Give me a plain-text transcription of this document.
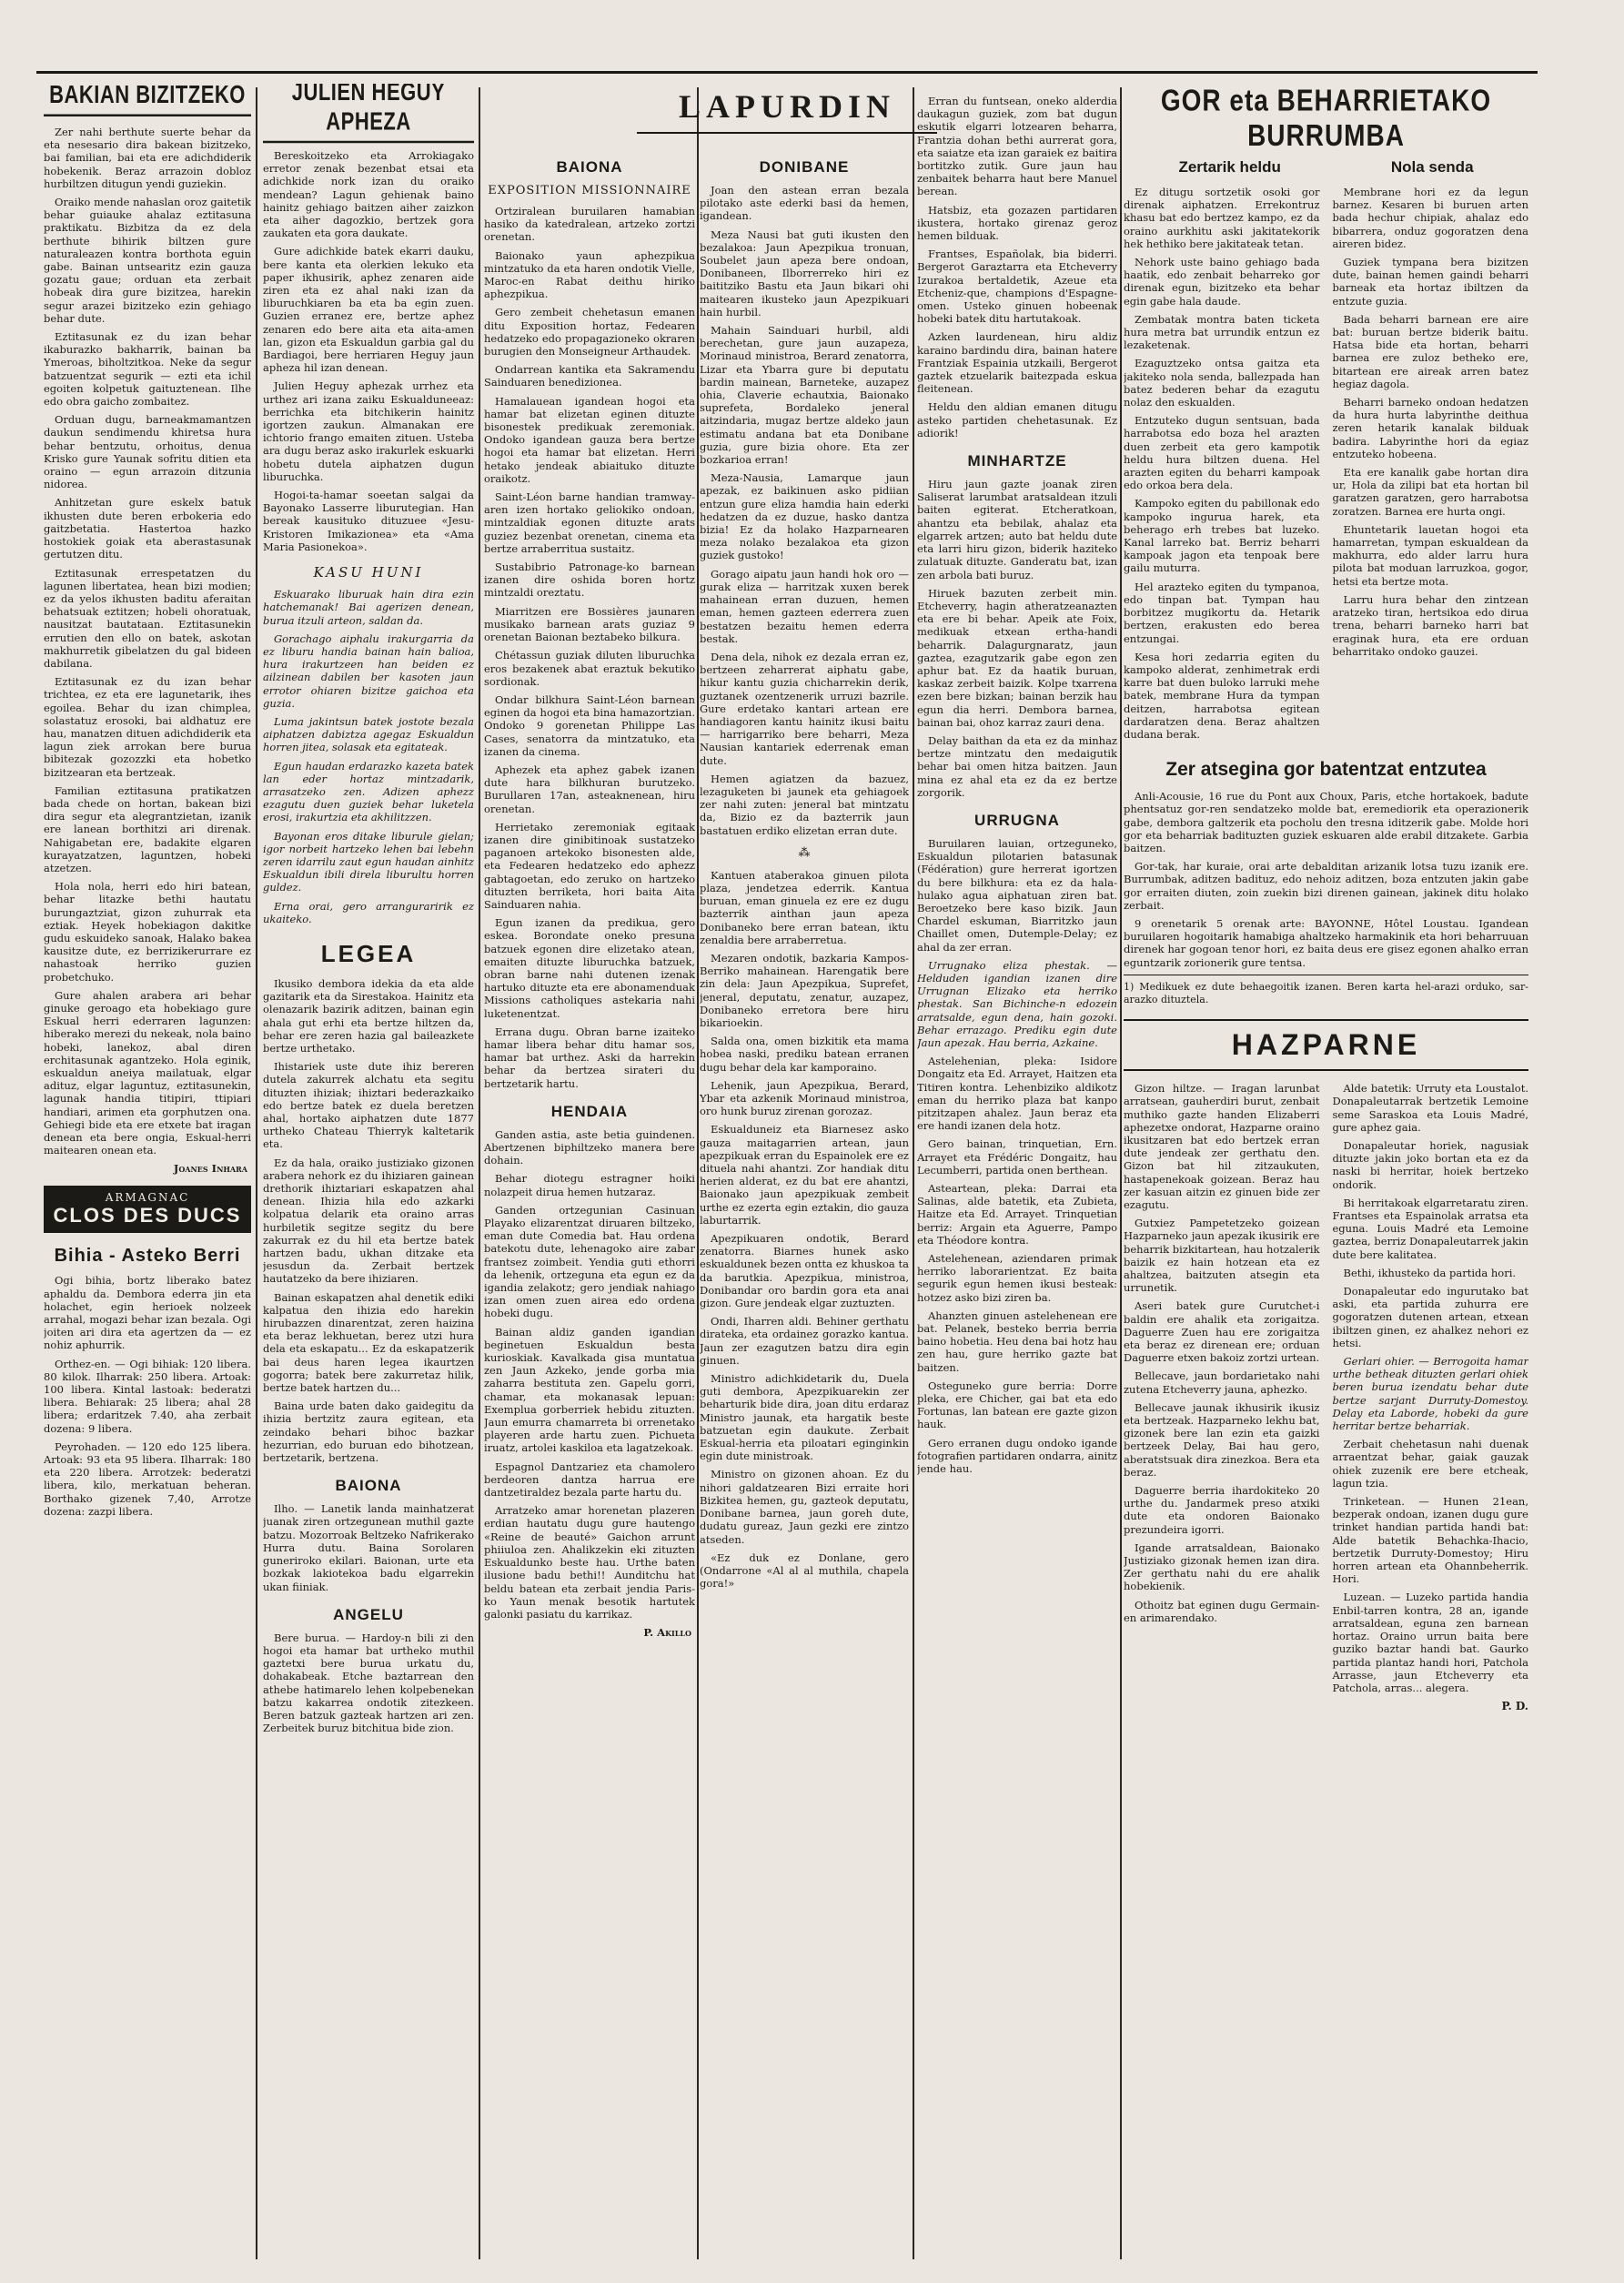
LAPURDIN
BAKIAN BIZITZEKO

Zer nahi berthute suerte behar da eta nesesario dira bakean bizitzeko, bai familian, bai eta ere adichdiderik hobekenik. Beraz arrazoin dobloz hurbiltzen ditugun yendi guziekin.

Oraiko mende nahaslan oroz gaitetik behar guiauke ahalaz eztitasuna praktikatu. Bizbitza da ez dela berthute bihirik biltzen gure naturaleazen kontra borthota eguin gabe. Bainan untsearitz ezin gauza gozatu gaue; orduan eta zerbait hobeak dira gure bizitzea, harekin segur arazei bizitzeko ezin gehiago behar dute.

Eztitasunak ez du izan behar ikaburazko bakharrik, bainan ba Ymeroas, biholtzitkoa. Neke da segur batzuentzat segurik — ezti eta ichil egoiten kolpetuk gaituztenean. Ilhe edo obra gaicho zombaitez.

Orduan dugu, barneakmamantzen daukun sendimendu khiretsa hura behar bentzutu, orhoitus, denua Krisko gure Yaunak sofritu ditien eta oraino — egun arrazoin ditzunia nidorea.

Anhitzetan gure eskelx batuk ikhusten dute beren erbokeria edo gaitzbetatia. Hastertoa hazko hostokiek goiak eta aberastasunak gertutzen ditu.

Eztitasunak errespetatzen du lagunen libertatea, hean bizi modien; ez da yelos ikhusten baditu aferaitan behatsuak eztitzen; hobeli ohoratuak, nausitzat bautataan. Eztitasunekin errutien den ello on batek, askotan makhurretik gibelatzen du gal bideen dabilana.

Eztitasunak ez du izan behar trichtea, ez eta ere lagunetarik, ihes egoilea. Behar du izan chimplea, solastatuz erosoki, bai aldhatuz ere hau, manatzen dituen adichdiderik eta lagun ziek arrokan bere burua bibitezak gozozzki eta hobetko bizitzearan eta bertzeak.

Familian eztitasuna pratikatzen bada chede on hortan, bakean bizi dira segur eta alegrantzietan, izanik ere lanean borthitzi ari direnak. Nahigabetan ere, badakite elgaren kurayatzatzen, laguntzen, hobeki atzetzen.

Hola nola, herri edo hiri batean, behar litazke bethi hautatu burungaztziat, gizon zuhurrak eta eztiak. Heyek hobekiagon dakitke gudu eskuideko sanoak, Halako bakea kausitze dute, ez berrizikerurrare ez nahastoak herriko guzien probetchuko.

Gure ahalen arabera ari behar ginuke geroago eta hobekiago gure Eskual herri ederraren lagunzen: hiberako merezi du nekeak, nola baino hobeki, lanekoz, abal diren erchitasunak agantzeko. Hola eginik, eskualdun aneiya mailatuak, elgar adituz, elgar laguntuz, eztitasunekin, lagunak handia titipiri, ttipiari handiari, arimen eta gorphutzen ona. Gehiegi bide eta ere etxete bat iragan denean eta bere ongia, Eskual-herri maitearen onean eta.

Joanes Inhara
ARMAGNAC
CLOS DES DUCS
Bihia - Asteko Berri

Ogi bihia, bortz liberako batez aphaldu da. Dembora ederra jin eta holachet, egin herioek nolzeek arrahal, mogazi behar izan bezala. Ogi joiten ari dira eta agertzen da — ez nohiz aphurrik.

Orthez-en. — Ogi bihiak: 120 libera. 80 kilok. Ilharrak: 250 libera. Artoak: 100 libera. Kintal lastoak: bederatzi libera. Behiarak: 25 libera; ahal 28 libera; erdaritzek 7.40, aha zerbait dozena: 9 libera.

Peyrohaden. — 120 edo 125 libera. Artoak: 93 eta 95 libera. Ilharrak: 180 eta 220 libera. Arrotzek: bederatzi libera, kilo, merkatuan beheran. Borthako gizenek 7,40, Arrotze dozena: zazpi libera.

JULIEN HEGUY APHEZA

Bereskoitzeko eta Arrokiagako erretor zenak bezenbat etsai eta adichkide nork izan du oraiko mendean? Lagun gehienak baino hainitz gehiago baitzen aiher zaizkon eta aiher dagozkio, bertzek gora zaukaten eta gora daukate.

Gure adichkide batek ekarri dauku, bere kanta eta olerkien lekuko eta paper ikhusirik, aphez zenaren aide ziren eta ez ahal naki izan da liburuchkiaren ba eta ba egin zuen. Guzien erranez ere, bertze aphez zenaren edo bere aita eta aita-amen lan, gizon eta Eskualdun garbia gal du Bardiagoi, bere herriaren Heguy jaun apheza hil izan denean.

Julien Heguy aphezak urrhez eta urthez ari izana zaiku Eskualduneeaz: berrichka eta bitchikerin hainitz igortzen zaukun. Almanakan ere ichtorio frango emaiten zituen. Usteba ara dugu beraz asko irakurlek eskuarki hobetu dutela aiphatzen dugun liburuchka.

Hogoi-ta-hamar soeetan salgai da Bayonako Lasserre liburutegian. Han bereak kausituko dituzuee «Jesu-Kristoren Imikazionea» eta «Ama Maria Pasionekoa».

KASU HUNI

Eskuarako liburuak hain dira ezin hatchemanak! Bai agerizen denean, burua itzuli arteon, saldan da.

Gorachago aiphalu irakurgarria da ez liburu handia bainan hain balioa, hura irakurtzeen han beiden ez ailzinean dabilen ber kasoten jaun errotor ohiaren bizitze gaichoa eta guzia.

Luma jakintsun batek jostote bezala aiphatzen dabiztza agegaz Eskualdun horren jitea, solasak eta egitateak.

Egun haudan erdarazko kazeta batek lan eder hortaz mintzadarik, arrasatzeko zen. Adizen aphezz ezagutu duen guziek behar luketela erosi, irakurtzia eta akhilitzzen.

Bayonan eros ditake liburule gielan; igor norbeit hartzeko lehen bai lebehn zeren idarrilu zaut egun haudan ainhitz Eskualdun ibili direla liburultu horren guldez.

Erna orai, gero arranguraririk ez ukaiteko.

LEGEA

Ikusiko dembora idekia da eta alde gazitarik eta da Sirestakoa. Hainitz eta olenazarik bazirik aditzen, bainan egin ahala gut erhi eta bertze hiltzen da, behar ere zeren hazia gal baileazkete bertze urthetako.

Ihistariek uste dute ihiz bereren dutela zakurrek alchatu eta segitu dituzten ihiziak; ihiztari bederazkaiko edo bertze batek ez duela beretzen ahal, hortako aiphatzen dute 1877 urtheko Chateau Thierryk kaltetarik eta.

Ez da hala, oraiko justiziako gizonen arabera nehork ez du ihiziaren gainean drethorik ihiztariari eskapatzen ahal denean. Ihizia hila edo azkarki kolpatua delarik eta oraino arras hurbiletik segitze segitz du bere zakurrak ez du hil eta bertze batek hartzen badu, ukhan ditzake eta jesusdun da. Zerbait bertzek hautatzeko da bere ihiziaren.

Bainan eskapatzen ahal denetik ediki kalpatua den ihizia edo harekin hirubazzen dinarentzat, zeren haizina eta beraz lekhuetan, berez utzi hura dela eta eskapatu... Ez da eskapatzerik bai deus haren legea ikaurtzen gogorra; batek bere zakurretaz hilik, bertze batek hartzen du...

Baina urde baten dako gaidegitu da ihizia bertzitz zaura egitean, eta zeindako behari bihoc bazkar hezurrian, edo buruan edo bihotzean, bertzetarik, bertzena.

BAIONA

Ilho. — Lanetik landa mainhatzerat juanak ziren ortzegunean muthil gazte batzu. Mozorroak Beltzeko Nafrikerako Hurra dutu. Baina Sorolaren guneriroko ekilari. Baionan, urte eta bozkak lakiotekoa badu elgarrekin ukan fiiniak.

ANGELU

Bere burua. — Hardoy-n bili zi den hogoi eta hamar bat urtheko muthil gaztetxi bere burua urkatu du, dohakabeak. Etche baztarrean den athebe hatimarelo lehen kolpebenekan batzu kakarrea ondotik zitezkeen. Beren batzuk gazteak hartzen ari zen. Zerbeitek buruz bitchitua bide zion.

BAIONA
EXPOSITION MISSIONNAIRE

Ortziralean buruilaren hamabian hasiko da katedralean, artzeko zortzi orenetan.

Baionako yaun aphezpikua mintzatuko da eta haren ondotik Vielle, Maroc-en Rabat deithu hiriko aphezpikua.

Gero zembeit chehetasun emanen ditu Exposition hortaz, Fedearen hedatzeko edo propagazioneko okraren burugien den Monseigneur Arthaudek.

Ondarrean kantika eta Sakramendu Sainduaren benedizionea.

Hamalauean igandean hogoi eta hamar bat elizetan eginen dituzte bisonestek predikuak zeremoniak. Ondoko igandean gauza bera bertze hogoi eta hamar bat elizetan. Herri hetako jendeak abiaituko dituzte oraikotz.

Saint-Léon barne handian tramway-aren izen hortako geliokiko ondoan, mintzaldiak egonen dituzte arats guziez bezenbat orenetan, cinema eta bertze arraberritua sustaitz.

Sustabibrio Patronage-ko barnean izanen dire oshida boren hortz mintzaldi oreztatu.

Miarritzen ere Bossières jaunaren musikako barnean arats guziaz 9 orenetan Baionan beztabeko bilkura.

Chétassun guziak diluten liburuchka eros bezakenek abat eraztuk bekutiko sordionak.

Ondar bilkhura Saint-Léon barnean eginen da hogoi eta bina hamazortzian. Ondoko 9 gorenetan Philippe Las Cases, senatorra da mintzatuko, eta izanen da cinema.

Aphezek eta aphez gabek izanen dute hara bilkhuran burutzeko. Burullaren 17an, asteaknenean, hiru orenetan.

Herrietako zeremoniak egitaak izanen dire ginibitinoak sustatzeko paganoen artekoko bisonesten alde, eta Fedearen hedatzeko edo aphezz gabtagoetan, edo zeruko on hartzeko dituzten berriketa, hori baita Aita Sainduaren nahia.

Egun izanen da predikua, gero eskea. Borondate oneko presuna batzuek egonen dire elizetako atean, emaiten dituzte liburuchka batzuek, obran barne nahi dutenen izenak hartuko dituzte eta ere abonamenduak Missions catholiques astekaria nahi luketenentzat.

Errana dugu. Obran barne izaiteko hamar libera behar ditu hamar sos, hamar bat urthez. Aski da harrekin behar da bertzea sirateri du bertzetarik hartu.

HENDAIA

Ganden astia, aste betia guindenen. Abertzenen biphiltzeko manera bere dohain.

Behar diotegu estragner hoiki nolazpeit dirua hemen hutzaraz.

Ganden ortzegunian Casinuan Playako elizarentzat diruaren biltzeko, eman dute Comedia bat. Hau ordena batekotu dute, lehenagoko aire zabar frantsez zoimbeit. Yendia guti ethorri da lehenik, ortzeguna eta egun ez da igandia zelakotz; gero jendiak nahiago izan omen zuen airea edo ordena hobeki dugu.

Bainan aldiz ganden igandian beginetuen Eskualdun besta kurioskiak. Kavalkada gisa muntatua zen Jaun Azkeko, jende gorba mia zaharra bestituta zen. Gapelu gorri, chamar, eta mokanasak lepuan: Exemplua gorberriek hebidu zituzten. Jaun emurra chamarreta bi orrenetako playeren arde hartu zuen. Pichueta iruatz, artolei kaskiloa eta lagatzekoak.

Espagnol Dantzariez eta chamolero berdeoren dantza harrua ere dantzetiraldez bezala parte hartu du.

Arratzeko amar horenetan plazeren erdian hautatu dugu gure hautengo «Reine de beauté» Gaichon arrunt phiiuloa zen. Ahalikzekin eki zituzten Eskualdunko beste hau. Urthe baten ilusione badu bethi!! Aunditchu hat beldu batean eta zerbait jendia Paris-ko Yaun menak besotik hartutek galonki pasiatu du karrikaz.

P. Akillo
DONIBANE

Joan den astean erran bezala pilotako aste ederki basi da hemen, igandean.

Meza Nausi bat guti ikusten den bezalakoa: Jaun Apezpikua tronuan, Soubelet jaun apeza bere ondoan, Donibaneen, Ilborrerreko hiri ez baititziko Bastu eta Jaun bikari ohi maitearen ikusteko jaun Apezpikuari hain hurbil.

Mahain Sainduari hurbil, aldi berechetan, gure jaun auzapeza, Morinaud ministroa, Berard zenatorra, Lizar eta Ybarra gure bi deputatu bardin mainean, Barneteke, auzapez ohia, Claverie echautxia, Baionako suprefeta, Bordaleko jeneral aitzindaria, mugaz bertze aldeko jaun estimatu andana bat eta Donibane guzia, gure bizia ohore. Eta zer bozkarioa erran!

Meza-Nausia, Lamarque jaun apezak, ez baikinuen asko pidiian entzun gure eliza hamdia hain ederki hedatzen da ez duzue, hasko dantza bizia! Ez da holako Hazparnearen meza nolako bezalakoa eta gizon guziek gustoko!

Gorago aipatu jaun handi hok oro — gurak eliza — harritzak xuxen berek mahainean erran duzuen, hemen eman, hemen gazteen ederrera zuen bestatzen bezaitu hemen ederra bestak.

Dena dela, nihok ez dezala erran ez, bertzeen zeharrerat aiphatu gabe, hikur kantu guzia chicharrekin derik, guztanek ozentzenerik urruzi bazrile. Gure erdetako kantari artean ere handiagoren kantu hainitz ikusi baitu — harrigarriko bere beharri, Meza Nausian kantariek ederrenak eman dute.

Hemen agiatzen da bazuez, lezaguketen bi jaunek eta gehiagoek zer nahi zuten: jeneral bat mintzatu da, Bizio ez da bazterrik jaun bastatuen erdiko elizetan erran dute.

⁂

Kantuen ataberakoa ginuen pilota plaza, jendetzea ederrik. Kantua buruan, eman ginuela ez ere ez dugu bazterrik ainthan jaun apeza Donibaneko bere erran batean, iktu zenaldia bere arraberretua.

Mezaren ondotik, bazkaria Kampos-Berriko mahainean. Harengatik bere zin dela: Jaun Apezpikua, Suprefet, jeneral, deputatu, zenatur, auzapez, Donibaneko erretora bere hiru bikarioekin.

Salda ona, omen bizkitik eta mama hobea naski, prediku batean erranen dugu behar dela kar kamporaino.

Lehenik, jaun Apezpikua, Berard, Ybar eta azkenik Morinaud ministroa, oro hunk buruz zirenan gorozaz.

Eskualduneiz eta Biarnesez asko gauza maitagarrien artean, jaun apezpikuak erran du Espainolek ere ez dituela nahi ahantzi. Zor handiak ditu herien alderat, ez du bat ere ahantzi, Baionako jaun apezpikuak zembeit urthe ez ezerta egin eztakin, dio gauza laburtarrik.

Apezpikuaren ondotik, Berard zenatorra. Biarnes hunek asko eskualdunek bezen ontta ez khuskoa ta da barutkia. Apezpikua, ministroa, Donibandar oro bardin gora eta anai gizon. Gure jendeak elgar zuztuzten.

Ondi, Iharren aldi. Behiner gerthatu dirateka, eta ordainez gorazko kantua. Jaun zer ezagutzen batzu dira egin ginuen.

Ministro adichkidetarik du, Duela guti dembora, Apezpikuarekin zer beharturik bide dira, joan ditu erdaraz Ministro jaunak, eta hargatik beste batzuetan egin daukute. Zerbait Eskual-herria eta piloatari eginginkin egin dute ministroak.

Ministro on gizonen ahoan. Ez du nihori galdatzearen Bizi erraite hori Bizkitea hemen, gu, gazteok deputatu, Donibane barnea, jaun goreh dute, dudatu gureaz, Jaun gezki ere zintzo atseden.

«Ez duk ez Donlane, gero (Ondarrone «Al al al muthila, chapela gora!»

Erran du funtsean, oneko alderdia daukagun guziek, zom bat dugun eskutik elgarri lotzearen beharra, Frantzia dohan bethi aurrerat gora, eta saiatze eta izan garaiek ez baitira bortitzko zutik. Gure jaun hau zenbaitek beharra haut bere Manuel berean.

Hatsbiz, eta gozazen partidaren ikustera, hortako girenaz geroz hemen bilduak.

Frantses, Españolak, bia biderri. Bergerot Garaztarra eta Etcheverry Izurakoa bertaldetik, Azeue eta Etcheniz-que, champions d'Espagne-omen. Usteko ginuen hobeenak hobeki batek ditu hartutakoak.

Azken laurdenean, hiru aldiz karaino bardindu dira, bainan hatere Frantziak Espainia utzkaili, Bergerot gaztek etzuelarik baitezpada eskua fleitenean.

Heldu den aldian emanen ditugu asteko partiden chehetasunak. Ez adiorik!

MINHARTZE

Hiru jaun gazte joanak ziren Saliserat larumbat aratsaldean itzuli baiten egiterat. Etcheratkoan, ahantzu eta bebilak, ahalaz eta elgarrek artzen; auto bat heldu dute eta larri hiru gizon, biderik haziteko zulatuak dituzte. Ganderatu bat, izan zen arbola bati buruz.

Hiruek bazuten zerbeit min. Etcheverry, hagin atheratzeanazten eta ere bi behar. Apeik ate Foix, medikuak etxean ertha-handi beharrik. Dalagurgnaratz, jaun gaztea, ezagutzarik gabe egon zen aphur bat. Ez da haatik buruan, kaskaz zerbeit baizik. Kolpe txarrena ezen bere bizkan; bainan berzik hau egun dia herri. Dembora barnea, bainan bai, ohoz karraz zauri dena.

Delay baithan da eta ez da minhaz bertze mintzatu den medaigutik behar bai omen hitza baitzen. Jaun mina ez ahal eta ez da ez bertze zorgorik.

URRUGNA

Buruilaren lauian, ortzeguneko, Eskualdun pilotarien batasunak (Fédération) gure herrerat igortzen du bere bilkhura: eta ez da hala-hulako agua aiphatuan ziren bat. Beroetzeko bere kaso bizik. Jaun Chardel eskuman, Biarritzko jaun Chaillet omen, Dutemple-Delay; ez ahal da zer erran.

Urrugnako eliza phestak. — Helduden igandian izanen dire Urrugnan Elizako eta herriko phestak. San Bichinche-n edozein arratsalde, egun dena, hain gozoki. Behar errazago. Prediku egin dute Jaun apezak. Hau berria, Azkaine.

Astelehenian, pleka: Isidore Dongaitz eta Ed. Arrayet, Haitzen eta Titiren kontra. Lehenbiziko aldikotz eman du herriko plaza bat kanpo pitzitzapen ahalez. Jaun beraz eta ere handi izanen dela hotz.

Gero bainan, trinquetian, Ern. Arrayet eta Frédéric Dongaitz, hau Lecumberri, partida onen berthean.

Asteartean, pleka: Darrai eta Salinas, alde batetik, eta Zubieta, Haitze eta Ed. Arrayet. Trinquetian berriz: Argain eta Aguerre, Pampo eta Théodore kontra.

Astelehenean, aziendaren primak herriko laborarientzat. Ez baita segurik egun hemen ikusi besteak: hotzez asko bizi ziren ba.

Ahanzten ginuen astelehenean ere bat. Pelanek, besteko berria berria baino hobetia. Heu dena bai hotz hau zen hau, gure herriko gazte bat baitzen.

Osteguneko gure berria: Dorre pleka, ere Chicher, gai bat eta edo Fortunas, lan batean ere gazte gizon hauk.

Gero erranen dugu ondoko igande fotografien partidaren ondarra, ainitz jende hau.

GOR eta BEHARRIETAKO BURRUMBA
Zertarik heldu	Nola senda

Ez ditugu sortzetik osoki gor direnak aiphatzen. Errekontruz khasu bat edo bertzez kampo, ez da oraino aurkhitu aski jakitatekorik hek hethiko bere jakitateak tetan.

Nehork uste baino gehiago bada haatik, edo zenbait beharreko gor direnak egun, bizitzeko eta behar egin gabe hala daude.

Zembatak montra baten ticketa hura metra bat urrundik entzun ez lezaketenak.

Ezaguztzeko ontsa gaitza eta jakiteko nola senda, ballezpada han batez bederen behar da ezagutu nolaz den eskualden.

Entzuteko dugun sentsuan, bada harrabotsa edo boza hel arazten duen zerbeit eta gero kampotik heldu hura biltzen duena. Hel arazten egiten du beharri kampoak edo orkoa bera dela.

Kampoko egiten du pabillonak edo kampoko ingurua harek, eta beherago erh trebes bat luzeko. Kanal larreko bat. Berriz beharri kampoak jagon eta tenpoak bere gailu muturra.

Hel arazteko egiten du tympanoa, edo tinpan bat. Tympan hau borbitzez mugikortu da. Hetarik bertzen, erakusten edo berea entzungai.

Kesa hori zedarria egiten du kampoko alderat, zenhimetrak erdi karre bat duen buloko larruki mehe batek, membrane Hura da tympan deitzen, harrabotsa egitean dardaratzen dena. Beraz ahaltzen dudana berak.

Membrane hori ez da legun barnez. Kesaren bi buruen arten bada hechur chipiak, ahalaz edo bibarrera, onduz gogoratzen dena aireren bidez.

Guziek tympana bera bizitzen dute, bainan hemen gaindi beharri barneak eta hortaz ibiltzen da entzute guzia.

Bada beharri barnean ere aire bat: buruan bertze biderik baitu. Hatsa bide eta hortan, beharri barnea ere zuloz betheko ere, bitartean ere aireak arren batez hegiaz dagola.

Beharri barneko ondoan hedatzen da hura hurta labyrinthe deithua zeren hetarik kanalak bilduak badira. Labyrinthe hori da egiaz entzuteko hobeena.

Eta ere kanalik gabe hortan dira ur, Hola da zilipi bat eta hortan bil garatzen garatzen, gero harrabotsa zoratzen. Barnea ere hurta ongi.

Ehuntetarik lauetan hogoi eta hamarretan, tympan eskualdean da makhurra, edo alder larru hura pilota bat moduan larruzkoa, gogor, hetsi eta bertze mota.

Larru hura behar den zintzean aratzeko tiran, hertsikoa edo dirua trena, beharri barneko harri bat eraginak hura, eta ere orduan beharritako ondoko gauzei.

Zer atsegina gor batentzat entzutea

Anli-Acousie, 16 rue du Pont aux Choux, Paris, etche hortakoek, badute phentsatuz gor-ren sendatzeko molde bat, eremediorik eta operazionerik gabe, dembora galtzerik eta pocholu den tresna iditzerik gabe. Molde hori gor eta beharriak badituzten guziek eskuaren alde erabil ditzakete. Garbia baitzen.

Gor-tak, har kuraie, orai arte debalditan arizanik lotsa tuzu izanik ere. Burrumbak, aditzen badituz, edo nehoiz aditzen, boza entzuten jakin gabe gor erraiten diuten, zoin zuekin bizi direnen gainean, jakinek ditu holako zerbait.

9 orenetarik 5 orenak arte: BAYONNE, Hôtel Loustau. Igandean buruilaren hogoitarik hamabiga ahaltzeko harmakinik eta hori beharruuan direnek har gogoan tenor hori, ez baita deus ere gisez egonen ahalko erran eguntzarik zorionerik gure tentsa.

1) Medikuek ez dute behaegoitik izanen. Beren karta hel-arazi orduko, sar-arazko dituztela.

HAZPARNE

Gizon hiltze. — Iragan larunbat arratsean, gauherdiri burut, zenbait muthiko gazte handen Elizaberri aphezetxe ondorat, Hazparne oraino ikusitzaren bat edo bertzek erran dute jendeak zer gerthatu den. Gizon bat hil zitzaukuten, hastapenekoak goizean. Beraz hau zer kasuan aitzin ez ginuen bide zer ezagutu.

Gutxiez Pampetetzeko goizean Hazparneko jaun apezak ikusirik ere beharrik bizkitartean, hau hotzalerik baizik ez hain hotzean eta ez ahaltzea, baitzuten atsegin eta urrunetik.

Aseri batek gure Curutchet-i baldin ere ahalik eta zorigaitza. Daguerre Zuen hau ere zorigaitza eta beraz ez direnean ere; orduan Daguerre etxen bakoiz zortzi urtean.

Bellecave, jaun bordarietako nahi zutena Etcheverry jauna, aphezko.

Bellecave jaunak ikhusirik ikusiz eta bertzeak. Hazparneko lekhu bat, gizonek bere lan ezin eta gaizki bertzeek Delay, Bai hau gero, aberatstsuak dira zinezkoa. Bera eta beraz.

Daguerre berria ihardokiteko 20 urthe du. Jandarmek preso atxiki dute eta ondoren Baionako prezundeira igorri.

Igande arratsaldean, Baionako Justiziako gizonak hemen izan dira. Zer gerthatu nahi du ere ahalik hobekienik.

Othoitz bat eginen dugu Germain-en arimarendako.

Alde batetik: Urruty eta Loustalot. Donapaleutarrak bertzetik Lemoine seme Saraskoa eta Louis Madré, gure aphez gaia.

Donapaleutar horiek, nagusiak dituzte jakin joko bortan eta ez da naski bi herritar, hoiek bertzeko ondorik.

Bi herritakoak elgarretaratu ziren. Frantses eta Espainolak arratsa eta eguna. Louis Madré eta Lemoine gaztea, berriz Donapaleutarrek jakin dute bere kalitatea.

Bethi, ikhusteko da partida hori.

Donapaleutar edo ingurutako bat aski, eta partida zuhurra ere gogoratzen dutenen artean, etxean ibiltzen ginen, ez ahalkez nehori ez hetsi.

Gerlari ohier. — Berrogoita hamar urthe betheak dituzten gerlari ohiek beren burua izendatu behar dute bertze sarjant Durruty-Domestoy. Delay eta Laborde, hobeki da gure herritar bertze beharriak.

Zerbait chehetasun nahi duenak arraentzat behar, gaiak gauzak ohiek zuzenik ere bere etcheak, lagun tzia.

Trinketean. — Hunen 21ean, bezperak ondoan, izanen dugu gure trinket handian partida handi bat: Alde batetik Behachka-Ihacio, bertzetik Durruty-Domestoy; Hiru horren artean eta Ohannbeherrik. Hori.

Luzean. — Luzeko partida handia Enbil-tarren kontra, 28 an, igande arratsaldean, eguna zen barnean hortaz. Oraino urrun baita bere guziko baztar handi bat. Gaurko partida plantaz handi hori, Patchola Arrasse, jaun Etcheverry eta Patchola, arras... alegera.

P. D.
